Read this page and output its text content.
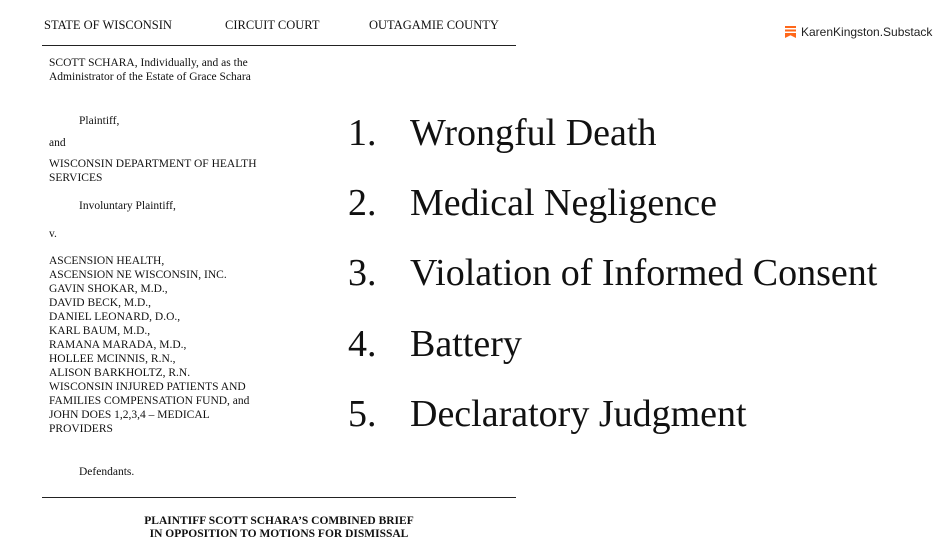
STATE OF WISCONSIN	CIRCUIT COURT	OUTAGAMIE COUNTY
SCOTT SCHARA, Individually, and as the
Administrator of the Estate of Grace Schara
Plaintiff,
and
WISCONSIN DEPARTMENT OF HEALTH
SERVICES
Involuntary Plaintiff,
v.
ASCENSION HEALTH,
ASCENSION NE WISCONSIN, INC.
GAVIN SHOKAR, M.D.,
DAVID BECK, M.D.,
DANIEL LEONARD, D.O.,
KARL BAUM, M.D.,
RAMANA MARADA, M.D.,
HOLLEE MCINNIS, R.N.,
ALISON BARKHOLTZ, R.N.
WISCONSIN INJURED PATIENTS AND
FAMILIES COMPENSATION FUND, and
JOHN DOES 1,2,3,4 – MEDICAL
PROVIDERS
Defendants.
PLAINTIFF SCOTT SCHARA’S COMBINED BRIEF
IN OPPOSITION TO MOTIONS FOR DISMISSAL
1. Wrongful Death
2. Medical Negligence
3. Violation of Informed Consent
4. Battery
5. Declaratory Judgment
KarenKingston.Substack
